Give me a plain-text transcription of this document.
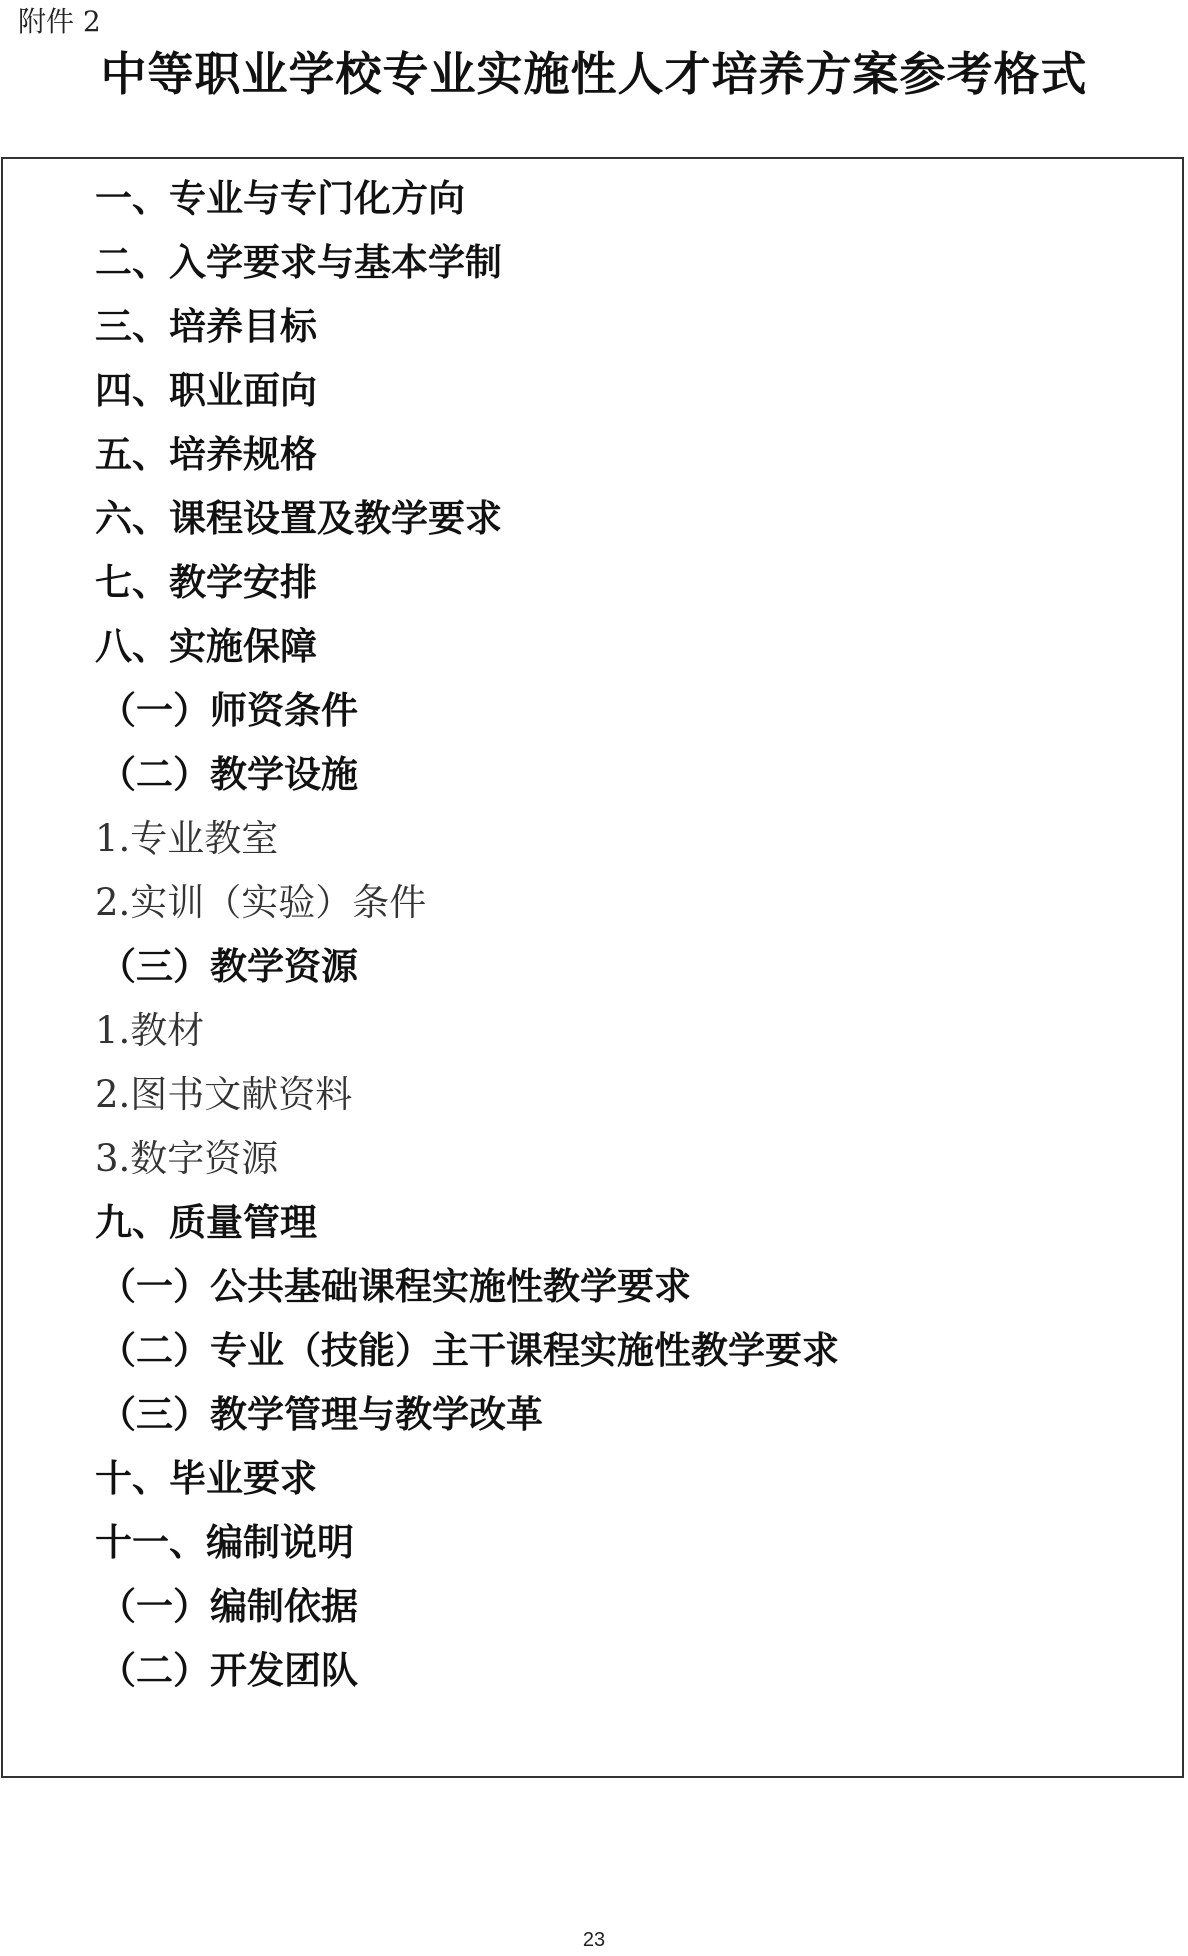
附件 2
中等职业学校专业实施性人才培养方案参考格式
一、专业与专门化方向
二、入学要求与基本学制
三、培养目标
四、职业面向
五、培养规格
六、课程设置及教学要求
七、教学安排
八、实施保障
（一）师资条件
（二）教学设施
1.专业教室
2.实训（实验）条件
（三）教学资源
1.教材
2.图书文献资料
3.数字资源
九、质量管理
（一）公共基础课程实施性教学要求
（二）专业（技能）主干课程实施性教学要求
（三）教学管理与教学改革
十、毕业要求
十一、编制说明
（一）编制依据
（二）开发团队
23
